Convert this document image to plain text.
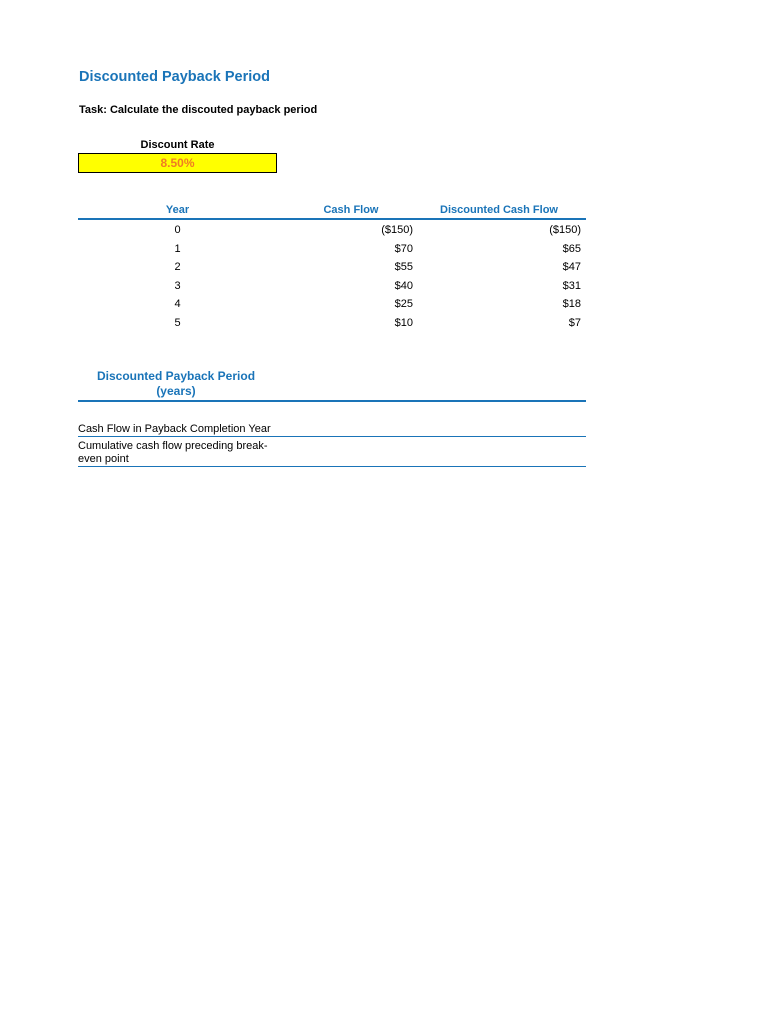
Discounted Payback Period
Task: Calculate the discouted payback period
Discount Rate
8.50%
Year	Cash Flow	Discounted Cash Flow
0	($150)	($150)
1	$70	$65
2	$55	$47
3	$40	$31
4	$25	$18
5	$10	$7
Discounted Payback Period
(years)
Cash Flow in Payback Completion Year
Cumulative cash flow preceding break-even point
